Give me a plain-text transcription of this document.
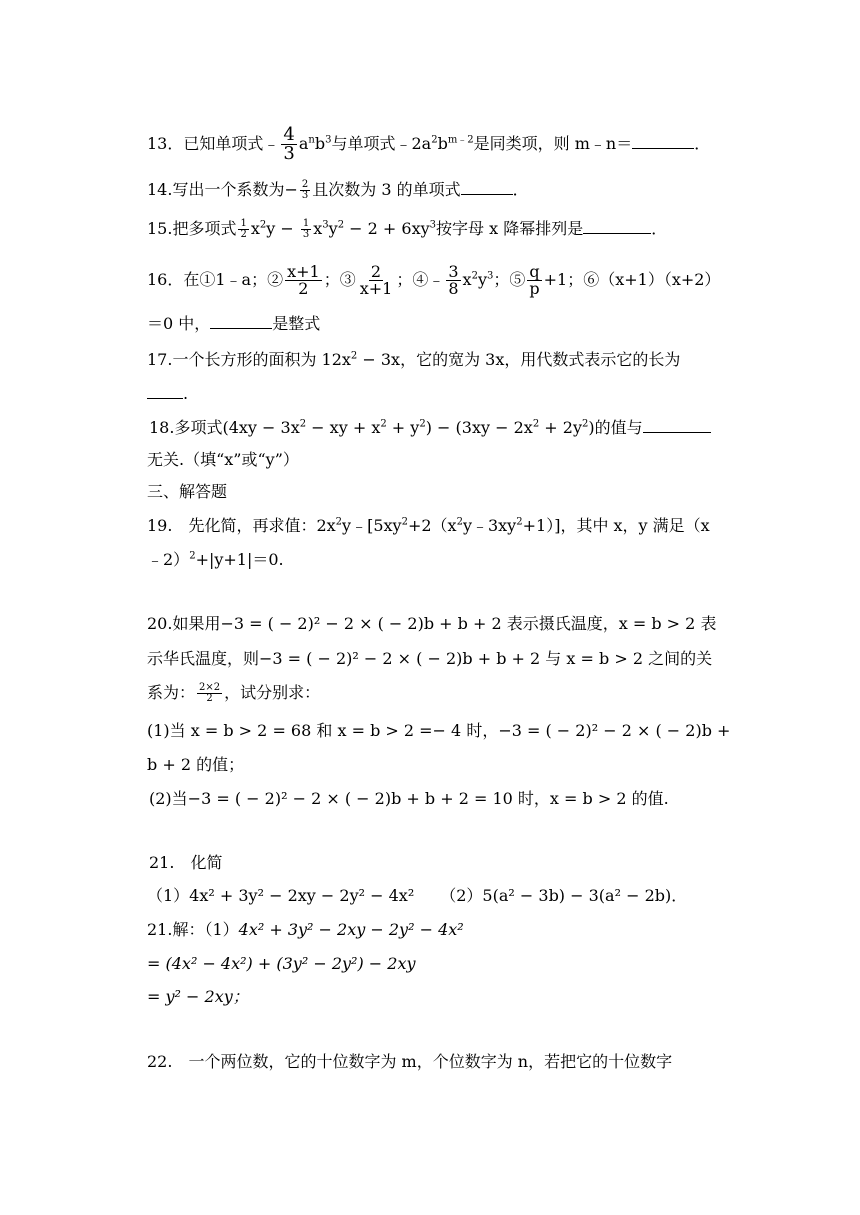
13．已知单项式﹣ $\frac{4}{3} a^nb^3$与单项式$﹣2a^2b^{m﹣2}$是同类项，则 m﹣n＝	．
14.写出一个系数为− $\frac{2}{3}$ 且次数为 3 的单项式	．
15.把多项式 $\frac{1}{2} x^2y - \frac{1}{3} x^3y^2 - 2 + 6xy^3$按字母 x 降幂排列是	．
16．在①1﹣a；② $\frac{x+1}{2}$ ；③ $\frac{2}{x+1}$ ；④﹣ $\frac{3}{8} x^2y^3$；⑤ $\frac{q}{p} +1$；⑥（x+1）（x+2）
＝0 中，	是整式
17.一个长方形的面积为 $12x^2 - 3x$，它的宽为 3x，用代数式表示它的长为
.
18.多项式($4xy - 3x^2$ − xy + $x^2 + y^2) - (3xy - 2x^2 + 2y^2)$的值与
无关.（填“x”或“y”）
三、解答题
19.　先化简，再求值：$2x^2y﹣[5xy^2+2(x^2y﹣3xy^2+1)]$，其中 x，y 满足（x
﹣2）$^2$+|y+1|＝0.
20.如果用−3 = ( − 2)² − 2 × ( − 2)b + b + 2 表示摄氏温度，x = b > 2 表
示华氏温度，则−3 = ( − 2)² − 2 × ( − 2)b + b + 2 与 x = b > 2 之间的关
系为： $\frac{2\times 2}{2}$ ，试分别求：
(1)当 x = b > 2 = 68 和 x = b > 2 =− 4 时，−3 = ( − 2)² − 2 × ( − 2)b +
b + 2 的值；
(2)当−3 = ( − 2)² − 2 × ( − 2)b + b + 2 = 10 时，x = b > 2 的值.
21.　化简
（1）4x² + 3y² − 2xy − 2y² − 4x² （2）5(a² − 3b) − 3(a² − 2b)．
21.解：（1）4x² + 3y² − 2xy − 2y² − 4x²
= (4x² − 4x²) + (3y² − 2y²) − 2xy
= y² − 2xy；
22.　一个两位数，它的十位数字为 m，个位数字为 n，若把它的十位数字
